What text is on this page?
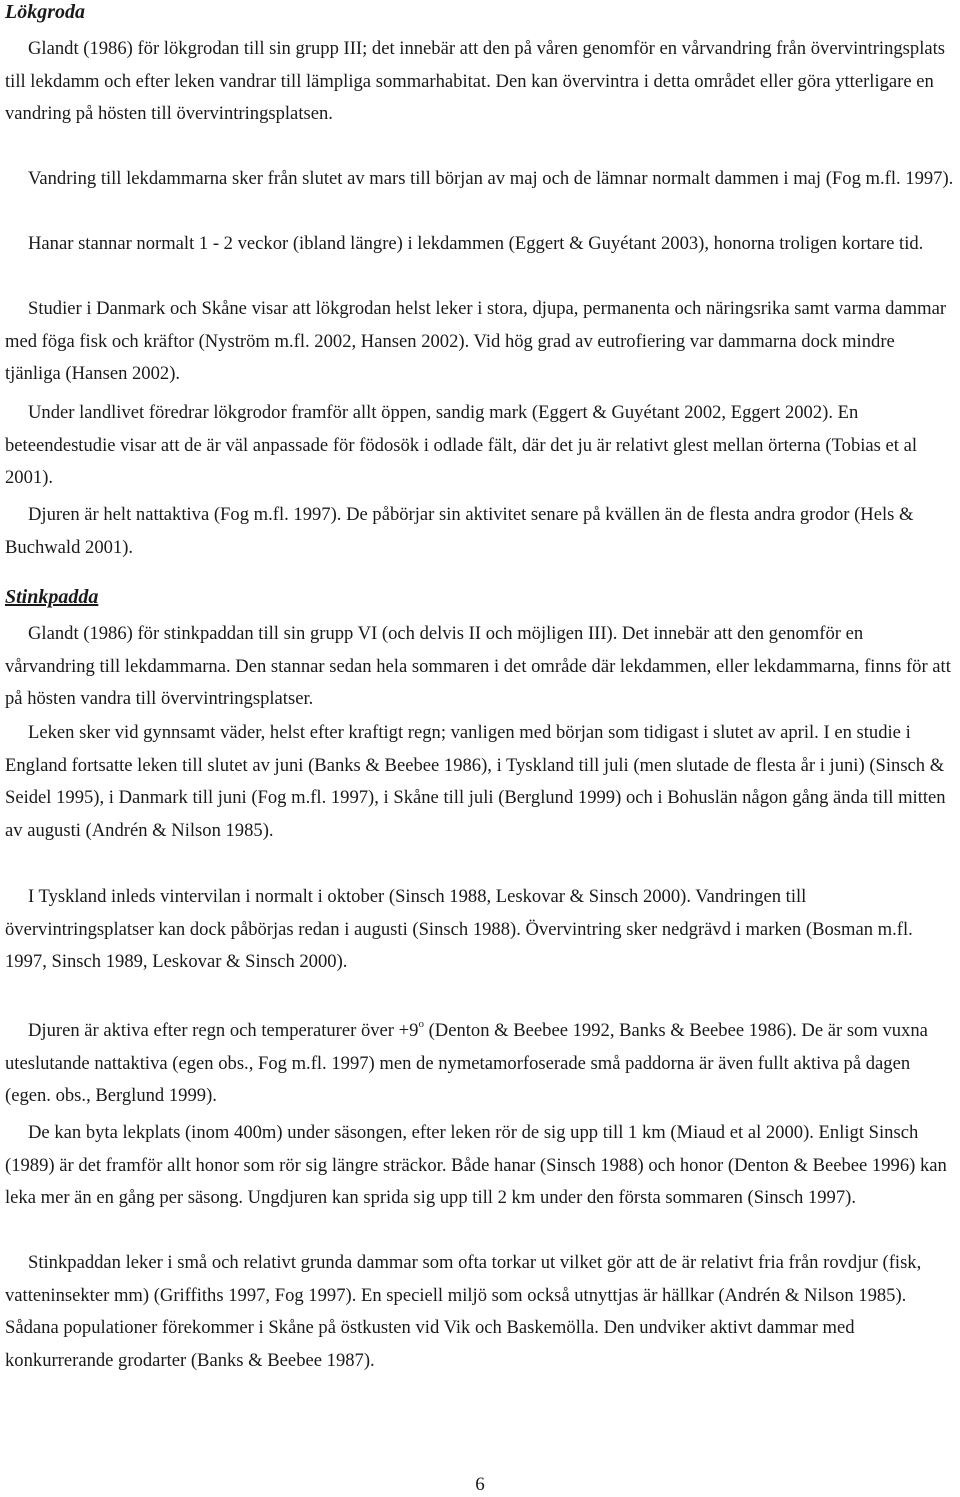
Lökgroda

Glandt (1986) för lökgrodan till sin grupp III; det innebär att den på våren genomför en vårvandring från övervintringsplats till lekdamm och efter leken vandrar till lämpliga sommarhabitat. Den kan övervintra i detta området eller göra ytterligare en vandring på hösten till övervintringsplatsen.

Vandring till lekdammarna sker från slutet av mars till början av maj och de lämnar normalt dammen i maj (Fog m.fl. 1997).

Hanar stannar normalt 1 - 2 veckor (ibland längre) i lekdammen (Eggert & Guyétant 2003), honorna troligen kortare tid.

Studier i Danmark och Skåne visar att lökgrodan helst leker i stora, djupa, permanenta och näringsrika samt varma dammar med föga fisk och kräftor (Nyström m.fl. 2002, Hansen 2002). Vid hög grad av eutrofiering var dammarna dock mindre tjänliga (Hansen 2002).

Under landlivet föredrar lökgrodor framför allt öppen, sandig mark (Eggert & Guyétant 2002, Eggert 2002). En beteendestudie visar att de är väl anpassade för födosök i odlade fält, där det ju är relativt glest mellan örterna (Tobias et al 2001).

Djuren är helt nattaktiva (Fog m.fl. 1997). De påbörjar sin aktivitet senare på kvällen än de flesta andra grodor (Hels & Buchwald 2001).

Stinkpadda

Glandt (1986) för stinkpaddan till sin grupp VI (och delvis II och möjligen III). Det innebär att den genomför en vårvandring till lekdammarna. Den stannar sedan hela sommaren i det område där lekdammen, eller lekdammarna, finns för att på hösten vandra till övervintringsplatser.

Leken sker vid gynnsamt väder, helst efter kraftigt regn; vanligen med början som tidigast i slutet av april. I en studie i England fortsatte leken till slutet av juni (Banks & Beebee 1986), i Tyskland till juli (men slutade de flesta år i juni) (Sinsch & Seidel 1995), i Danmark till juni (Fog m.fl. 1997), i Skåne till juli (Berglund 1999) och i Bohuslän någon gång ända till mitten av augusti (Andrén & Nilson 1985).

I Tyskland inleds vintervilan i normalt i oktober (Sinsch 1988, Leskovar & Sinsch 2000). Vandringen till övervintringsplatser kan dock påbörjas redan i augusti (Sinsch 1988). Övervintring sker nedgrävd i marken (Bosman m.fl. 1997, Sinsch 1989, Leskovar & Sinsch 2000).

Djuren är aktiva efter regn och temperaturer över $+9^o$ (Denton & Beebee 1992, Banks & Beebee 1986). De är som vuxna uteslutande nattaktiva (egen obs., Fog m.fl. 1997) men de nymetamorfoserade små paddorna är även fullt aktiva på dagen (egen. obs., Berglund 1999).

De kan byta lekplats (inom 400m) under säsongen, efter leken rör de sig upp till 1 km (Miaud et al 2000). Enligt Sinsch (1989) är det framför allt honor som rör sig längre sträckor. Både hanar (Sinsch 1988) och honor (Denton & Beebee 1996) kan leka mer än en gång per säsong. Ungdjuren kan sprida sig upp till 2 km under den första sommaren (Sinsch 1997).

Stinkpaddan leker i små och relativt grunda dammar som ofta torkar ut vilket gör att de är relativt fria från rovdjur (fisk, vatteninsekter mm) (Griffiths 1997, Fog 1997). En speciell miljö som också utnyttjas är hällkar (Andrén & Nilson 1985). Sådana populationer förekommer i Skåne på östkusten vid Vik och Baskemölla. Den undviker aktivt dammar med konkurrerande grodarter (Banks & Beebee 1987).

6
